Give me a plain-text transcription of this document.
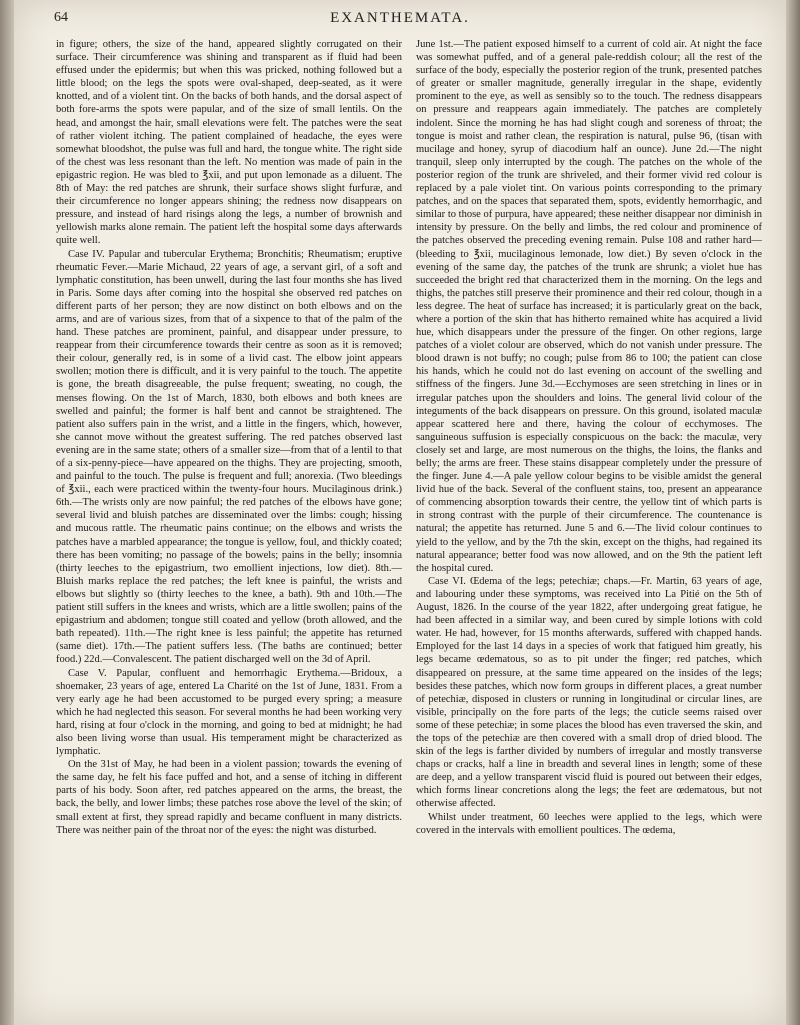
64	EXANTHEMATA.

in figure; others, the size of the hand, appeared slightly corrugated on their surface. Their circumference was shining and transparent as if fluid had been effused under the epidermis; but when this was pricked, nothing followed but a little blood; on the legs the spots were oval-shaped, deep-seated, as it were knotted, and of a violent tint. On the backs of both hands, and the dorsal aspect of both fore-arms the spots were papular, and of the size of small lentils. On the head, and amongst the hair, small elevations were felt. The patches were the seat of rather violent itching. The patient complained of headache, the eyes were somewhat bloodshot, the pulse was full and hard, the tongue white. The right side of the chest was less resonant than the left. No mention was made of pain in the epigastric region. He was bled to ℥xii, and put upon lemonade as a diluent. The 8th of May: the red patches are shrunk, their surface shows slight furfuræ, and their circumference no longer appears shining; the redness now disappears on pressure, and instead of hard risings along the legs, a number of brownish and yellowish marks alone remain. The patient left the hospital some days afterwards quite well.

Case IV. Papular and tubercular Erythema; Bronchitis; Rheumatism; eruptive rheumatic Fever.—Marie Michaud, 22 years of age, a servant girl, of a soft and lymphatic constitution, has been unwell, during the last four months she has lived in Paris. Some days after coming into the hospital she observed red patches on different parts of her person; they are now distinct on both elbows and on the arms, and are of various sizes, from that of a sixpence to that of the palm of the hand. These patches are prominent, painful, and disappear under pressure, to reappear from their circumference towards their centre as soon as it is removed; their colour, generally red, is in some of a livid cast. The elbow joint appears swollen; motion there is difficult, and it is very painful to the touch. The appetite is gone, the breath disagreeable, the pulse frequent; sweating, no cough, the menses flowing. On the 1st of March, 1830, both elbows and both knees are swelled and painful; the former is half bent and cannot be straightened. The patient also suffers pain in the wrist, and a little in the fingers, which, however, she cannot move without the greatest suffering. The red patches observed last evening are in the same state; others of a smaller size—from that of a lentil to that of a six-penny-piece—have appeared on the thighs. They are projecting, smooth, and painful to the touch. The pulse is frequent and full; anorexia. (Two bleedings of ℥xii., each were practiced within the twenty-four hours. Mucilaginous drink.) 6th.—The wrists only are now painful; the red patches of the elbows have gone; several livid and bluish patches are disseminated over the limbs: cough; hissing and mucous rattle. The rheumatic pains continue; on the elbows and wrists the patches have a marbled appearance; the tongue is yellow, foul, and thickly coated; there has been vomiting; no passage of the bowels; pains in the belly; insomnia (thirty leeches to the epigastrium, two emollient injections, low diet). 8th.—Bluish marks replace the red patches; the left knee is painful, the wrists and elbows but slightly so (thirty leeches to the knee, a bath). 9th and 10th.—The patient still suffers in the knees and wrists, which are a little swollen; pains of the epigastrium and abdomen; tongue still coated and yellow (broth allowed, and the bath repeated). 11th.—The right knee is less painful; the appetite has returned (same diet). 17th.—The patient suffers less. (The baths are continued; better food.) 22d.—Convalescent. The patient discharged well on the 3d of April.

Case V. Papular, confluent and hemorrhagic Erythema.—Bridoux, a shoemaker, 23 years of age, entered La Charité on the 1st of June, 1831. From a very early age he had been accustomed to be purged every spring; a measure which he had neglected this season. For several months he had been working very hard, rising at four o'clock in the morning, and going to bed at midnight; he had also been living worse than usual. His temperament might be characterized as lymphatic.

On the 31st of May, he had been in a violent passion; towards the evening of the same day, he felt his face puffed and hot, and a sense of itching in different parts of his body. Soon after, red patches appeared on the arms, the breast, the back, the belly, and lower limbs; these patches rose above the level of the skin; of small extent at first, they spread rapidly and became confluent in many districts. There was neither pain of the throat nor of the eyes: the night was disturbed.

June 1st.—The patient exposed himself to a current of cold air. At night the face was somewhat puffed, and of a general pale-reddish colour; all the rest of the surface of the body, especially the posterior region of the trunk, presented patches of greater or smaller magnitude, generally irregular in the shape, evidently prominent to the eye, as well as sensibly so to the touch. The redness disappears on pressure and reappears again immediately. The patches are completely indolent. Since the morning he has had slight cough and soreness of throat; the tongue is moist and rather clean, the respiration is natural, pulse 96, (tisan with mucilage and honey, syrup of diacodium half an ounce). June 2d.—The night tranquil, sleep only interrupted by the cough. The patches on the whole of the posterior region of the trunk are shriveled, and their former vivid red colour is replaced by a pale violet tint. On various points corresponding to the primary patches, and on the spaces that separated them, spots, evidently hemorrhagic, and similar to those of purpura, have appeared; these neither disappear nor diminish in intensity by pressure. On the belly and limbs, the red colour and prominence of the patches observed the preceding evening remain. Pulse 108 and rather hard—(bleeding to ℥xii, mucilaginous lemonade, low diet.) By seven o'clock in the evening of the same day, the patches of the trunk are shrunk; a violet hue has succeeded the bright red that characterized them in the morning. On the legs and thighs, the patches still preserve their prominence and their red colour, though in a less degree. The heat of surface has increased; it is particularly great on the back, where a portion of the skin that has hitherto remained white has acquired a livid hue, which disappears under the pressure of the finger. On other regions, large patches of a violet colour are observed, which do not vanish under pressure. The blood drawn is not buffy; no cough; pulse from 86 to 100; the patient can close his hands, which he could not do last evening on account of the swelling and stiffness of the fingers. June 3d.—Ecchymoses are seen stretching in lines or in irregular patches upon the shoulders and loins. The general livid colour of the integuments of the back disappears on pressure. On this ground, isolated maculæ appear scattered here and there, having the colour of ecchymoses. The sanguineous suffusion is especially conspicuous on the back: the maculæ, very closely set and large, are most numerous on the thighs, the loins, the flanks and belly; the arms are freer. These stains disappear completely under the pressure of the finger. June 4.—A pale yellow colour begins to be visible amidst the general livid hue of the back. Several of the confluent stains, too, present an appearance of commencing absorption towards their centre, the yellow tint of which parts is in strong contrast with the purple of their circumference. The countenance is natural; the appetite has returned. June 5 and 6.—The livid colour continues to yield to the yellow, and by the 7th the skin, except on the thighs, had regained its natural appearance; better food was now allowed, and on the 9th the patient left the hospital cured.

Case VI. Œdema of the legs; petechiæ; chaps.—Fr. Martin, 63 years of age, and labouring under these symptoms, was received into La Pitié on the 5th of August, 1826. In the course of the year 1822, after undergoing great fatigue, he had been affected in a similar way, and been cured by simple lotions with cold water. He had, however, for 15 months afterwards, suffered with chapped hands. Employed for the last 14 days in a species of work that fatigued him greatly, his legs became œdematous, so as to pit under the finger; red patches, which disappeared on pressure, at the same time appeared on the insides of the legs; besides these patches, which now form groups in different places, a great number of petechiæ, disposed in clusters or running in longitudinal or circular lines, are visible, principally on the fore parts of the legs; the cuticle seems raised over some of these petechiæ; in some places the blood has even traversed the skin, and the tops of the petechiæ are then covered with a small drop of dried blood. The skin of the legs is farther divided by numbers of irregular and mostly transverse chaps or cracks, half a line in breadth and several lines in length; some of these are deep, and a yellow transparent viscid fluid is poured out between their edges, which forms linear concretions along the legs; the feet are œdematous, but not otherwise affected.

Whilst under treatment, 60 leeches were applied to the legs, which were covered in the intervals with emollient poultices. The œdema,
